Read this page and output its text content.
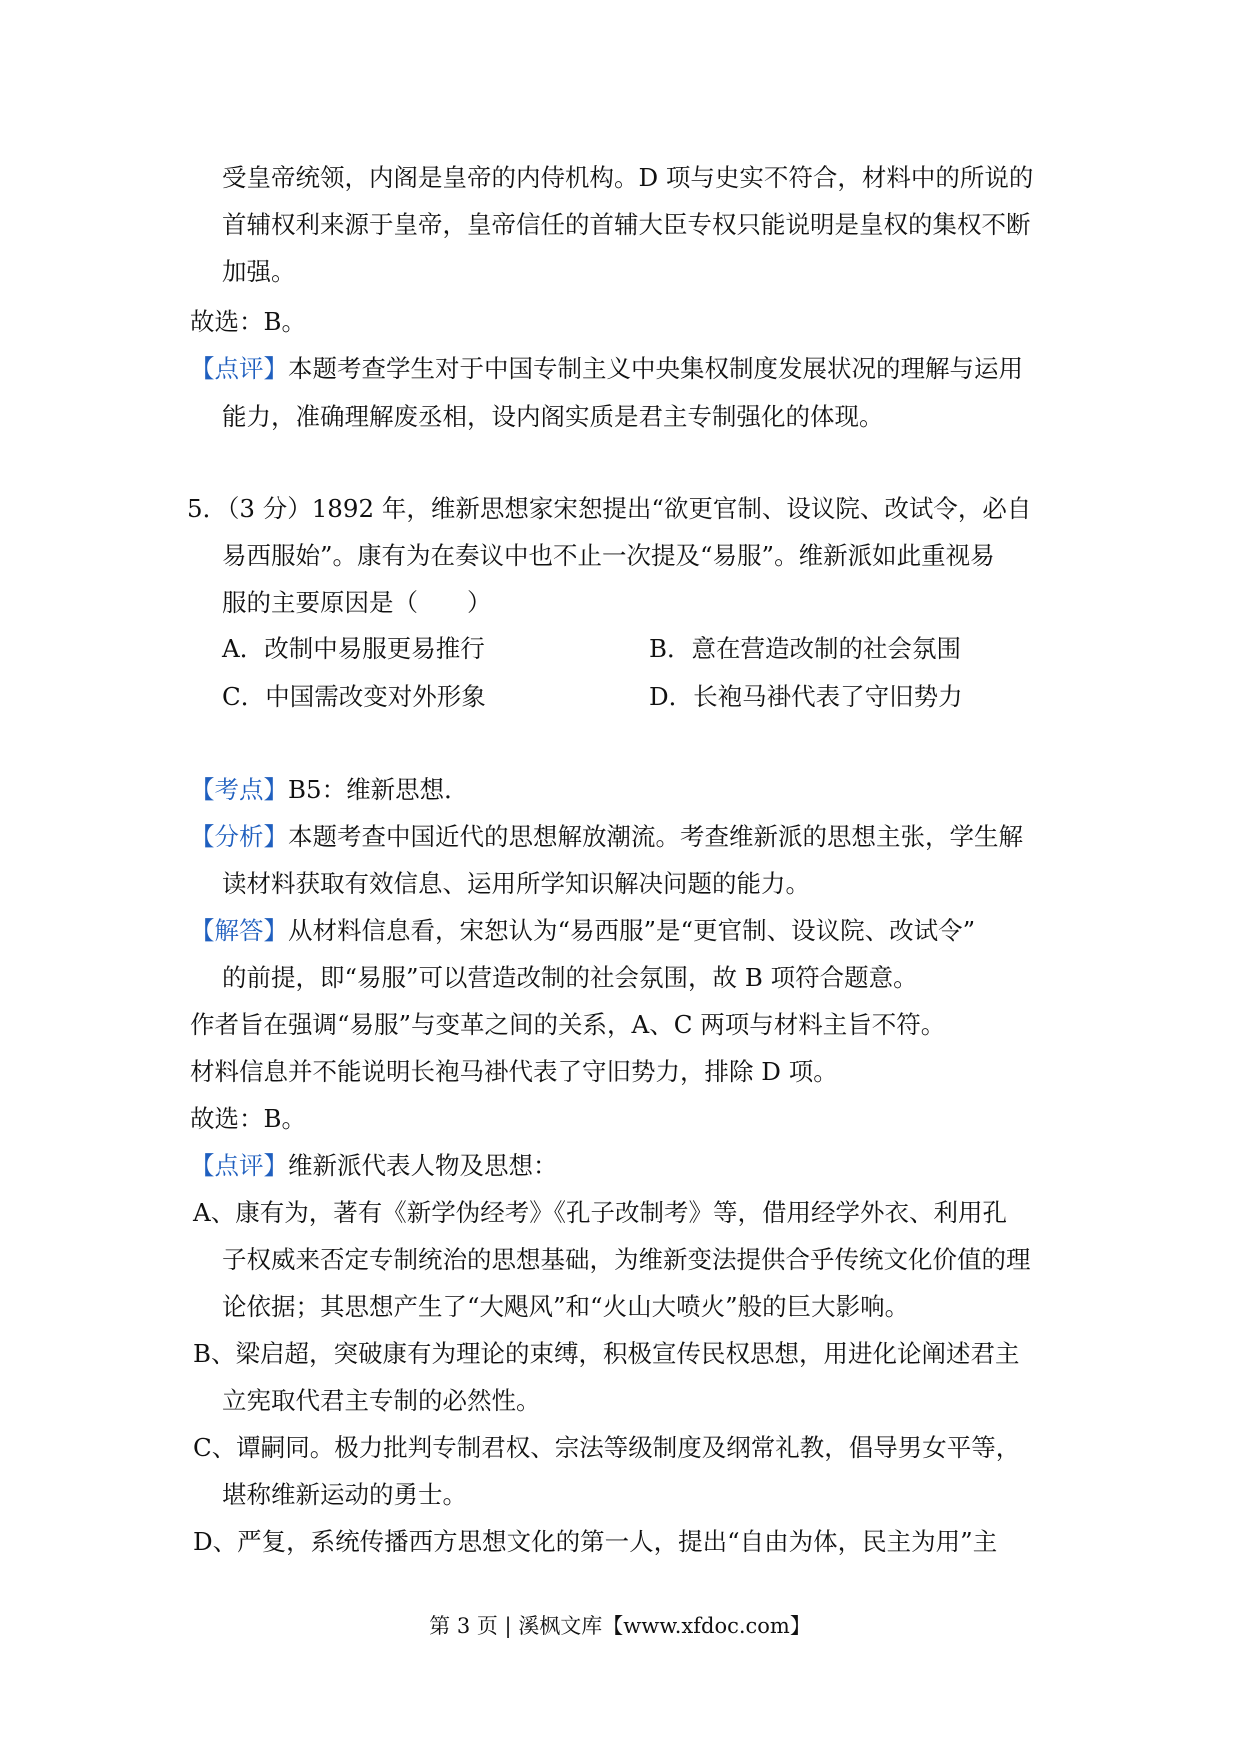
受皇帝统领，内阁是皇帝的内侍机构。D 项与史实不符合，材料中的所说的
首辅权利来源于皇帝，皇帝信任的首辅大臣专权只能说明是皇权的集权不断
加强。
故选：B。
【点评】本题考查学生对于中国专制主义中央集权制度发展状况的理解与运用
能力，准确理解废丞相，设内阁实质是君主专制强化的体现。
5．（3 分）1892 年，维新思想家宋恕提出“欲更官制、设议院、改试令，必自
易西服始”。康有为在奏议中也不止一次提及“易服”。维新派如此重视易
服的主要原因是（　　）
A．改制中易服更易推行	B．意在营造改制的社会氛围
C．中国需改变对外形象	D．长袍马褂代表了守旧势力
【考点】B5：维新思想．
【分析】本题考查中国近代的思想解放潮流。考查维新派的思想主张，学生解
读材料获取有效信息、运用所学知识解决问题的能力。
【解答】从材料信息看，宋恕认为“易西服”是“更官制、设议院、改试令”
的前提，即“易服”可以营造改制的社会氛围，故 B 项符合题意。
作者旨在强调“易服”与变革之间的关系，A、C 两项与材料主旨不符。
材料信息并不能说明长袍马褂代表了守旧势力，排除 D 项。
故选：B。
【点评】维新派代表人物及思想：
A、康有为，著有《新学伪经考》《孔子改制考》等，借用经学外衣、利用孔
子权威来否定专制统治的思想基础，为维新变法提供合乎传统文化价值的理
论依据；其思想产生了“大飓风”和“火山大喷火”般的巨大影响。
B、梁启超，突破康有为理论的束缚，积极宣传民权思想，用进化论阐述君主
立宪取代君主专制的必然性。
C、谭嗣同。极力批判专制君权、宗法等级制度及纲常礼教，倡导男女平等，
堪称维新运动的勇士。
D、严复，系统传播西方思想文化的第一人，提出“自由为体，民主为用”主
第 3 页 | 溪枫文库【www.xfdoc.com】
